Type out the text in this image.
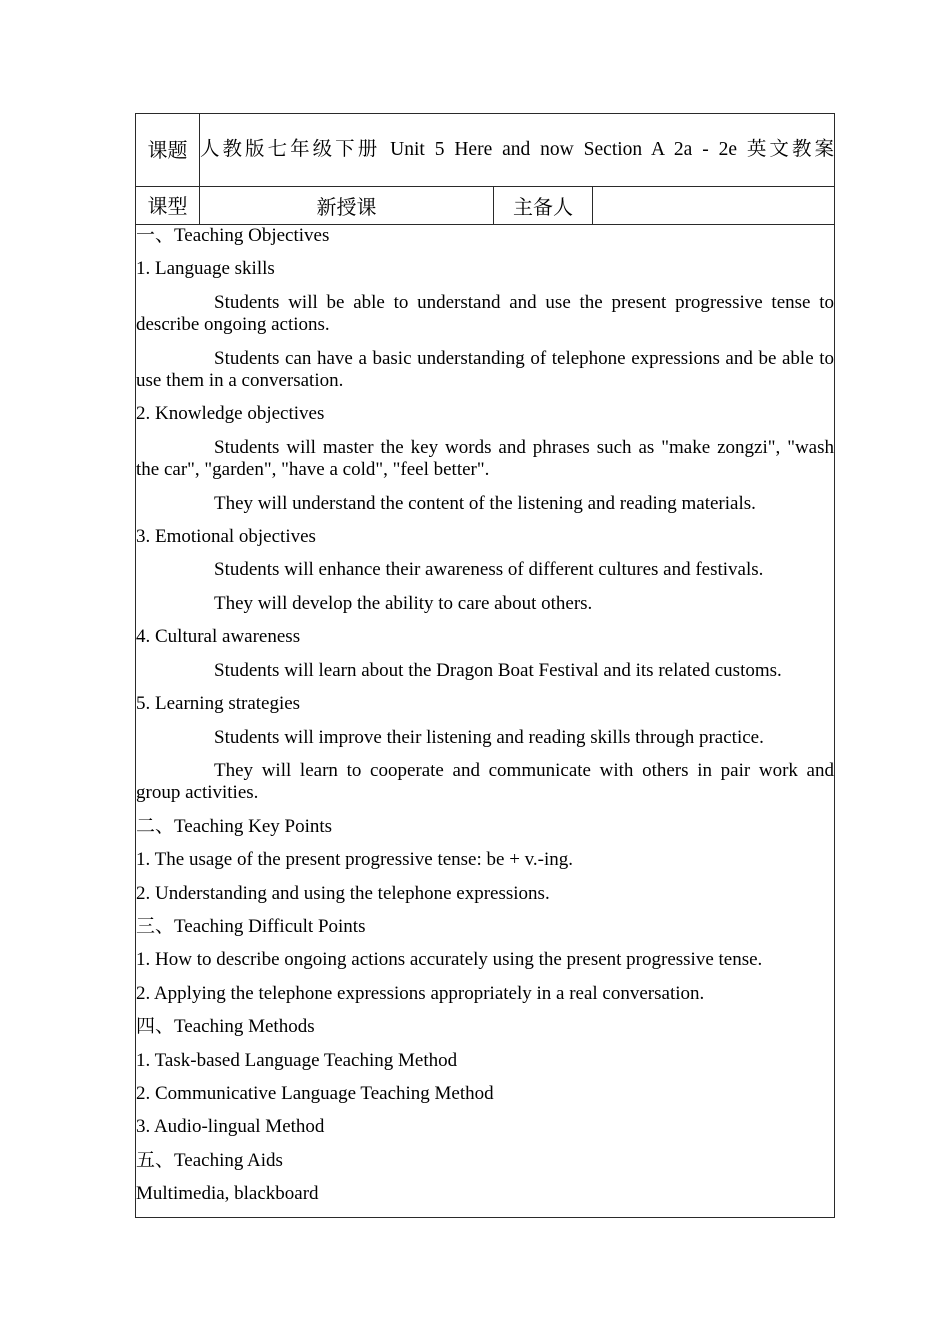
课题	人教版七年级下册 Unit 5 Here and now Section A 2a - 2e 英文教案		
课型	新授课	主备人	

一、Teaching Objectives

1. Language skills

Students will be able to understand and use the present progressive tense to describe ongoing actions.

Students can have a basic understanding of telephone expressions and be able to use them in a conversation.

2. Knowledge objectives

Students will master the key words and phrases such as "make zongzi", "wash the car", "garden", "have a cold", "feel better".

They will understand the content of the listening and reading materials.

3. Emotional objectives

Students will enhance their awareness of different cultures and festivals.

They will develop the ability to care about others.

4. Cultural awareness

Students will learn about the Dragon Boat Festival and its related customs.

5. Learning strategies

Students will improve their listening and reading skills through practice.

They will learn to cooperate and communicate with others in pair work and group activities.

二、Teaching Key Points

1. The usage of the present progressive tense: be + v.-ing.

2. Understanding and using the telephone expressions.

三、Teaching Difficult Points

1. How to describe ongoing actions accurately using the present progressive tense.

2. Applying the telephone expressions appropriately in a real conversation.

四、Teaching Methods

1. Task-based Language Teaching Method

2. Communicative Language Teaching Method

3. Audio-lingual Method

五、Teaching Aids

Multimedia, blackboard
